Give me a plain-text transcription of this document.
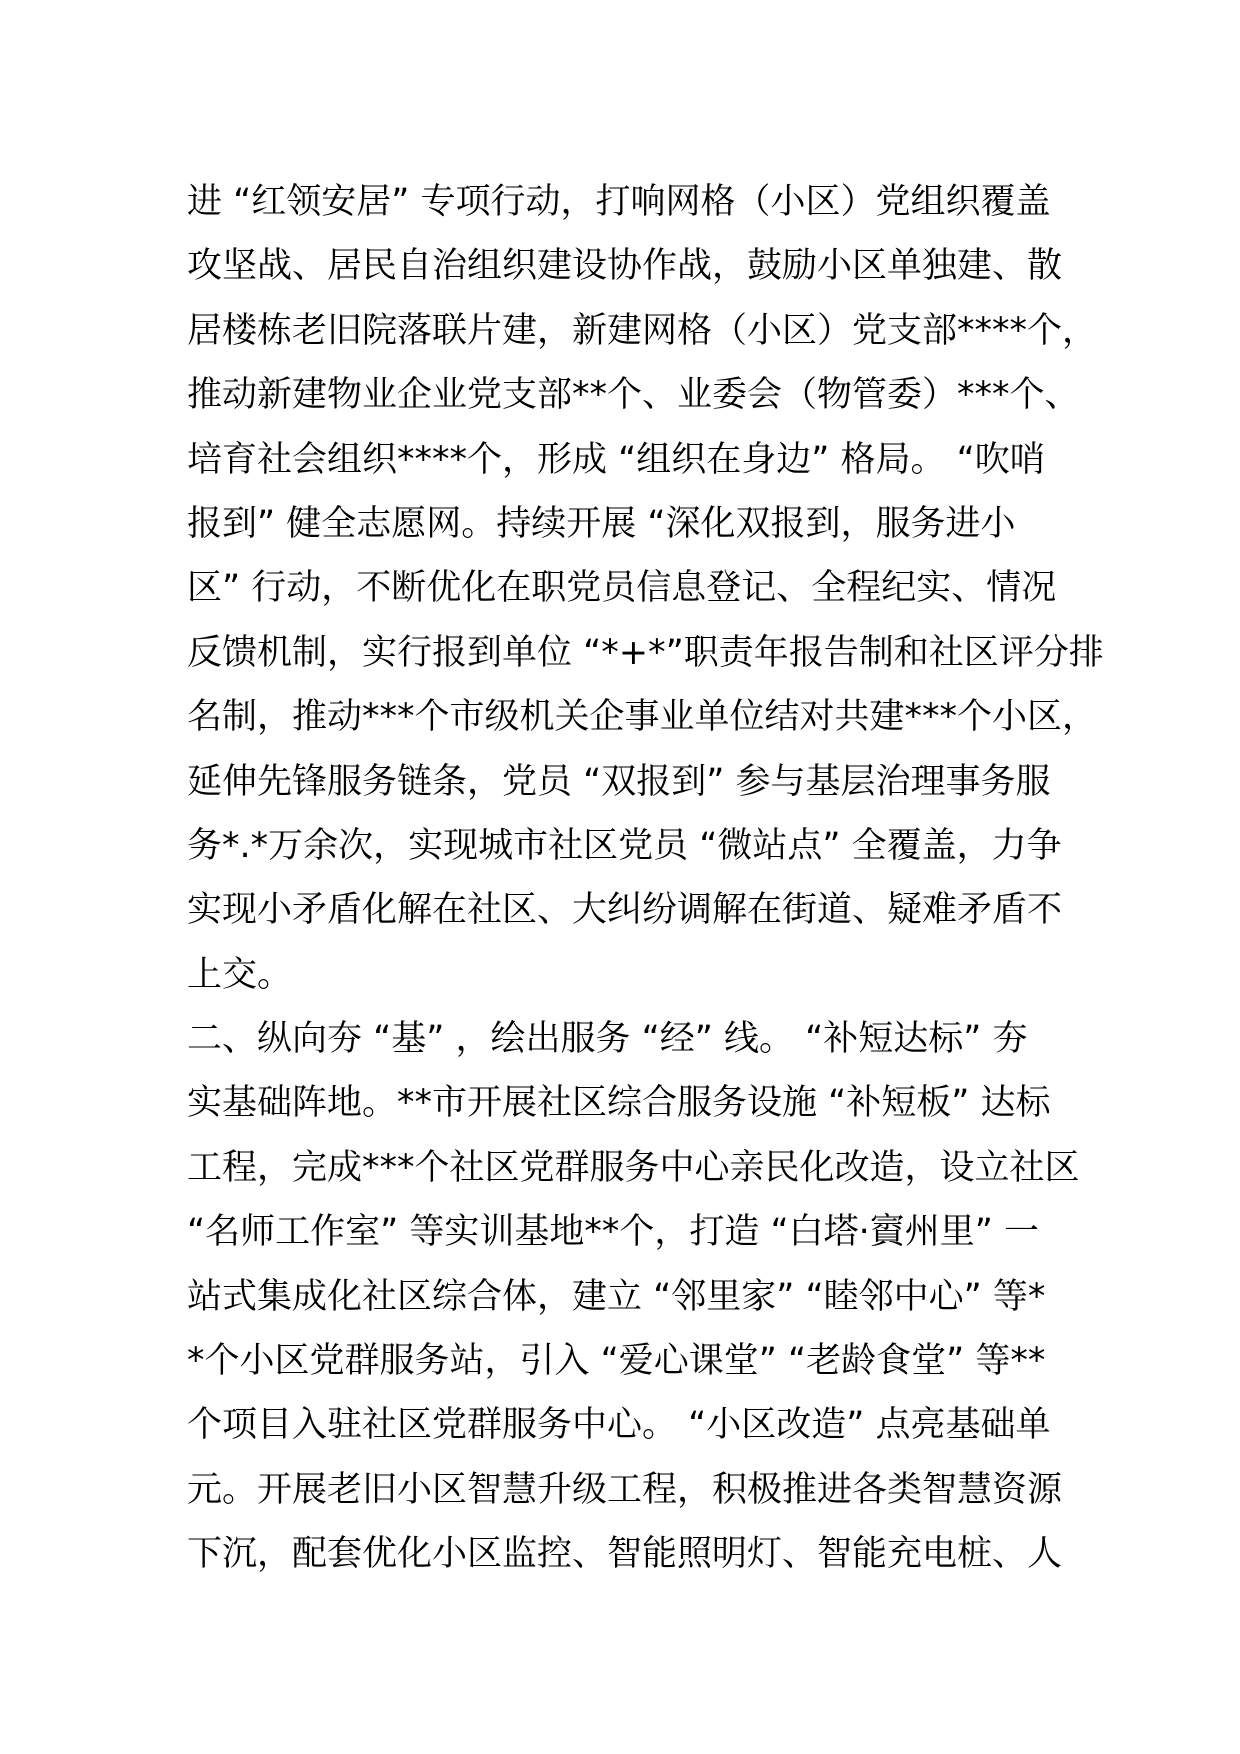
进 “红领安居” 专项行动，打响网格（小区）党组织覆盖
攻坚战、居民自治组织建设协作战，鼓励小区单独建、散
居楼栋老旧院落联片建，新建网格（小区）党支部****个，
推动新建物业企业党支部**个、业委会（物管委）***个、
培育社会组织****个，形成 “组织在身边” 格局。 “吹哨
报到” 健全志愿网。持续开展 “深化双报到，服务进小
区” 行动，不断优化在职党员信息登记、全程纪实、情况
反馈机制，实行报到单位 “*+*”职责年报告制和社区评分排
名制，推动***个市级机关企事业单位结对共建***个小区，
延伸先锋服务链条，党员 “双报到” 参与基层治理事务服
务*.*万余次，实现城市社区党员 “微站点” 全覆盖，力争
实现小矛盾化解在社区、大纠纷调解在街道、疑难矛盾不
上交。
二、纵向夯 “基” ，绘出服务 “经” 线。 “补短达标” 夯
实基础阵地。**市开展社区综合服务设施 “补短板” 达标
工程，完成***个社区党群服务中心亲民化改造，设立社区
“名师工作室” 等实训基地**个，打造 “白塔·賨州里” 一
站式集成化社区综合体，建立 “邻里家” “睦邻中心” 等*
*个小区党群服务站，引入 “爱心课堂” “老龄食堂” 等**
个项目入驻社区党群服务中心。 “小区改造” 点亮基础单
元。开展老旧小区智慧升级工程，积极推进各类智慧资源
下沉，配套优化小区监控、智能照明灯、智能充电桩、人
